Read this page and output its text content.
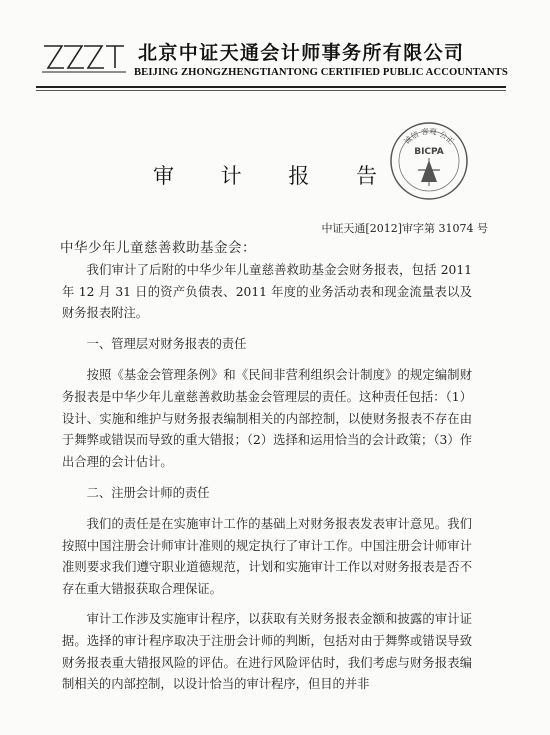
北京中证天通会计师事务所有限公司
BEIJING ZHONGZHENGTIANTONG CERTIFIED PUBLIC ACCOUNTANTS
审 计 报 告
诚信 客观 公正
BICPA
中证天通[2012]审字第 31074 号

中华少年儿童慈善救助基金会：

我们审计了后附的中华少年儿童慈善救助基金会财务报表，包括 2011 年 12 月 31 日的资产负债表、2011 年度的业务活动表和现金流量表以及财务报表附注。

一、管理层对财务报表的责任

按照《基金会管理条例》和《民间非营利组织会计制度》的规定编制财务报表是中华少年儿童慈善救助基金会管理层的责任。这种责任包括：（1）设计、实施和维护与财务报表编制相关的内部控制，以使财务报表不存在由于舞弊或错误而导致的重大错报；（2）选择和运用恰当的会计政策；（3）作出合理的会计估计。

二、注册会计师的责任

我们的责任是在实施审计工作的基础上对财务报表发表审计意见。我们按照中国注册会计师审计准则的规定执行了审计工作。中国注册会计师审计准则要求我们遵守职业道德规范，计划和实施审计工作以对财务报表是否不存在重大错报获取合理保证。

审计工作涉及实施审计程序，以获取有关财务报表金额和披露的审计证据。选择的审计程序取决于注册会计师的判断，包括对由于舞弊或错误导致财务报表重大错报风险的评估。在进行风险评估时，我们考虑与财务报表编制相关的内部控制，以设计恰当的审计程序，但目的并非
